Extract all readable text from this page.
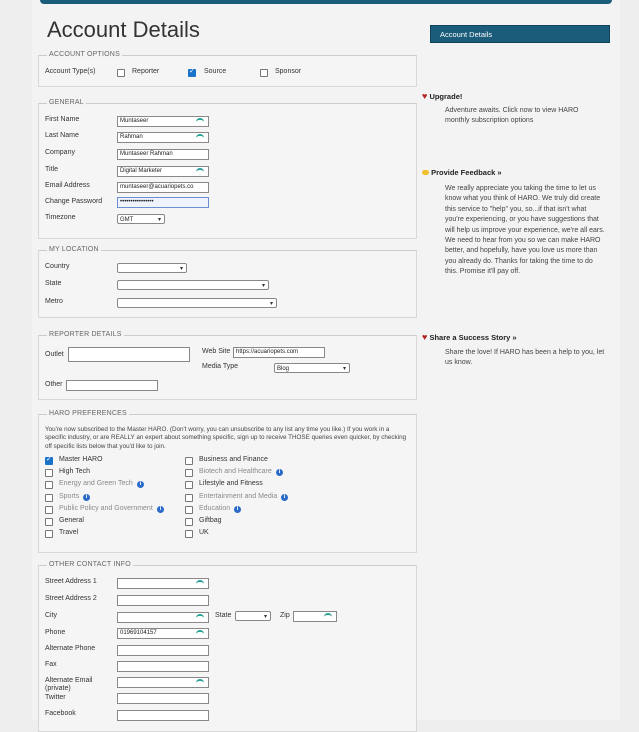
Account Details
ACCOUNT OPTIONS
Account Type(s)	Reporter
✓	Source	Sponsor
GENERAL
First Name	Muntaseer
Last Name	Rahman
Company	Muntaseer Rahman
Title	Digital Marketer
Email Address	muntaseer@acuariopets.co
Change Password	••••••••••••••••
Timezone	GMT	▾
MY LOCATION
Country	▾
State	▾
Metro	▾
REPORTER DETAILS
Outlet	Web Site https://acuariopets.com
Media Type	Blog	▾
Other
HARO PREFERENCES
You're now subscribed to the Master HARO. (Don't worry, you can unsubscribe to any list any time you like.) If you work in a specific industry, or are REALLY an expert about something specific, sign up to receive THOSE queries even quicker, by checking off specific lists below that you'd like to join.
✓
Master HARO
High Tech
Energy and Green Tech	i
Sports	i
Public Policy and Government	i
General
Travel
Business and Finance
Biotech and Healthcare	i
Lifestyle and Fitness
Entertainment and Media	i
Education	i
Giftbag
UK
OTHER CONTACT INFO
Street Address 1
Street Address 2
City	State	▾ Zip
Phone	01969104157
Alternate Phone
Fax
Alternate Email (private)
Twitter
Facebook
Account Details
♥ Upgrade!
Adventure awaits. Click now to view HARO monthly subscription options
Provide Feedback »
We really appreciate you taking the time to let us know what you think of HARO. We truly did create this service to "help" you, so...if that isn't what you're experiencing, or you have suggestions that will help us improve your experience, we're all ears. We need to hear from you so we can make HARO better, and hopefully, have you love us more than you already do. Thanks for taking the time to do this. Promise it'll pay off.
♥ Share a Success Story »
Share the love! If HARO has been a help to you, let us know.
